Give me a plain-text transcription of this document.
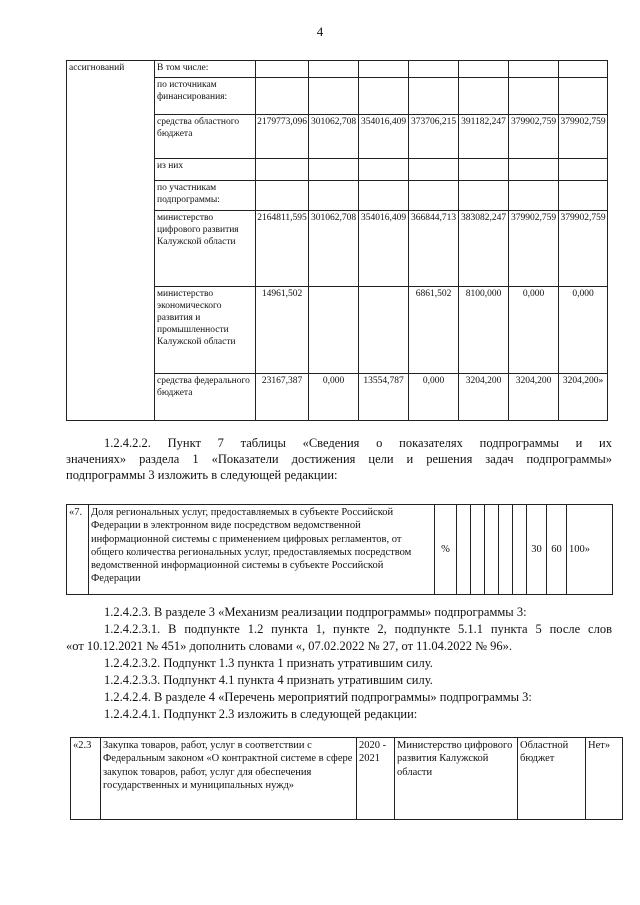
4
ассигнований	В том числе:							
	по источникам финансирования:							
	средства областного бюджета	2179773,096	301062,708	354016,409	373706,215	391182,247	379902,759	379902,759
	из них							
	по участникам подпрограммы:							
	министерство цифрового развития Калужской области	2164811,595	301062,708	354016,409	366844,713	383082,247	379902,759	379902,759
	министерство экономического развития и промышленности Калужской области	14961,502			6861,502	8100,000	0,000	0,000
	средства федерального бюджета	23167,387	0,000	13554,787	0,000	3204,200	3204,200	3204,200»
1.2.4.2.2. Пункт 7 таблицы «Сведения о показателях подпрограммы и их
значениях» раздела 1 «Показатели достижения цели и решения задач подпрограммы»
подпрограммы 3 изложить в следующей редакции:
«7.	Доля региональных услуг, предоставляемых в субъекте Российской Федерации в электронном виде посредством ведомственной информационной системы с применением цифровых регламентов, от общего количества региональных услуг, предоставляемых посредством ведомственной информационной системы в субъекте Российской Федерации	%						30	60	100»
1.2.4.2.3. В разделе 3 «Механизм реализации подпрограммы» подпрограммы 3:
1.2.4.2.3.1. В подпункте 1.2 пункта 1, пункте 2, подпункте 5.1.1 пункта 5 после слов
«от 10.12.2021 № 451» дополнить словами «, 07.02.2022 № 27, от 11.04.2022 № 96».
1.2.4.2.3.2. Подпункт 1.3 пункта 1 признать утратившим силу.
1.2.4.2.3.3. Подпункт 4.1 пункта 4 признать утратившим силу.
1.2.4.2.4. В разделе 4 «Перечень мероприятий подпрограммы» подпрограммы 3:
1.2.4.2.4.1. Подпункт 2.3 изложить в следующей редакции:
«2.3	Закупка товаров, работ, услуг в соответствии с Федеральным законом «О контрактной системе в сфере закупок товаров, работ, услуг для обеспечения государственных и муниципальных нужд»	2020 - 2021	Министерство цифрового развития Калужской области	Областной бюджет	Нет»
